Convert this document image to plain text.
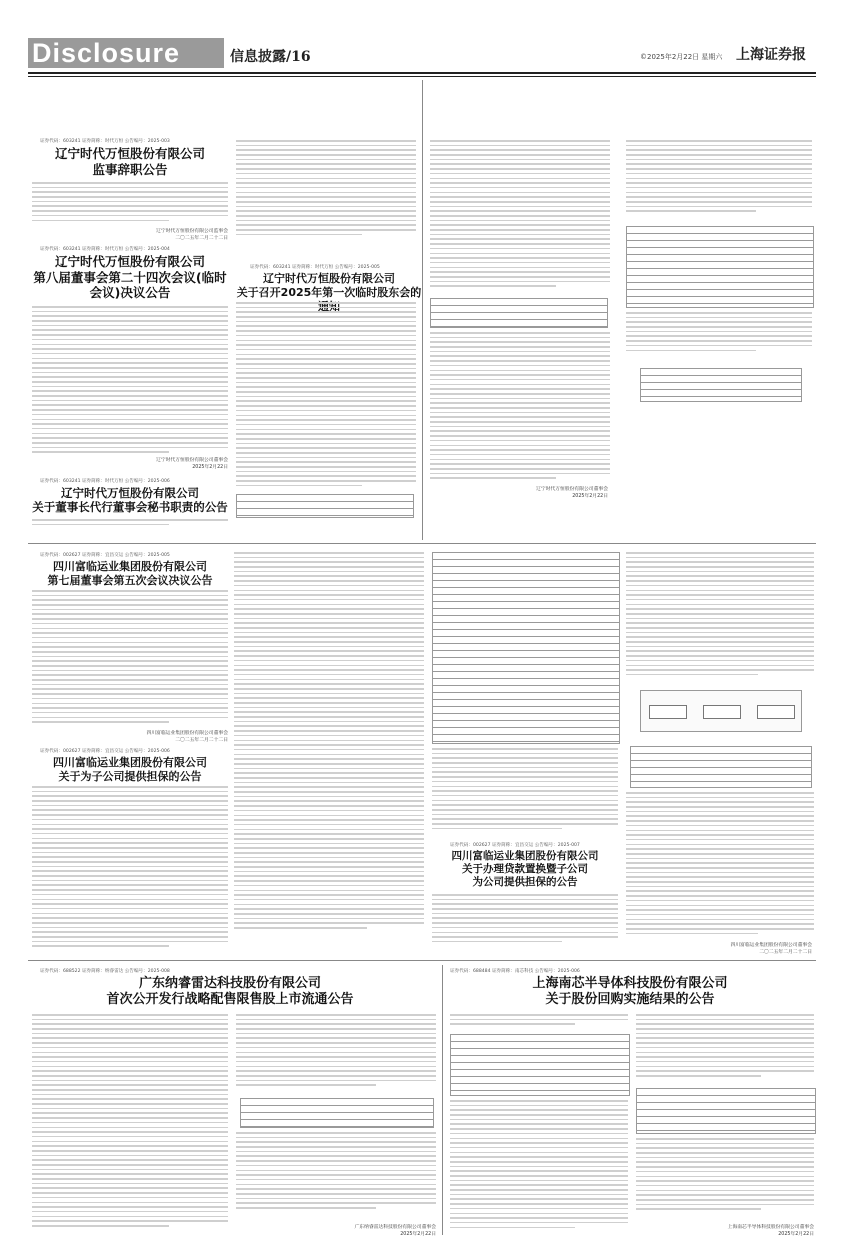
Disclosure	信息披露/16	©2025年2月22日 星期六 上海证券报
证券代码：603241 证券简称：时代万恒 公告编号：2025-003
辽宁时代万恒股份有限公司
监事辞职公告
辽宁时代万恒股份有限公司监事会
二〇二五年二月二十二日
证券代码：603241 证券简称：时代万恒 公告编号：2025-004
辽宁时代万恒股份有限公司
第八届董事会第二十四次会议(临时
会议)决议公告
辽宁时代万恒股份有限公司董事会
2025年2月22日
证券代码：603241 证券简称：时代万恒 公告编号：2025-006
辽宁时代万恒股份有限公司
关于董事长代行董事会秘书职责的公告
证券代码：603241 证券简称：时代万恒 公告编号：2025-005
辽宁时代万恒股份有限公司
关于召开2025年第一次临时股东会的
辽宁时代万恒股份有限公司董事会
2025年2月22日
证券代码：002627 证券简称：宜昌交运 公告编号：2025-005
四川富临运业集团股份有限公司
第七届董事会第五次会议决议公告
四川富临运业集团股份有限公司董事会
二〇二五年二月二十二日
证券代码：002627 证券简称：宜昌交运 公告编号：2025-006
四川富临运业集团股份有限公司
关于为子公司提供担保的公告
证券代码：002627 证券简称：宜昌交运 公告编号：2025-007
四川富临运业集团股份有限公司
关于办理贷款置换暨子公司
为公司提供担保的公告
四川富临运业集团股份有限公司董事会
二〇二五年二月二十二日
证券代码：688522 证券简称：纳睿雷达 公告编号：2025-008
广东纳睿雷达科技股份有限公司
首次公开发行战略配售限售股上市流通公告
广东纳睿雷达科技股份有限公司董事会
2025年2月22日
证券代码：688484 证券简称：南芯科技 公告编号：2025-006
上海南芯半导体科技股份有限公司
关于股份回购实施结果的公告
上海南芯半导体科技股份有限公司董事会
2025年2月22日
